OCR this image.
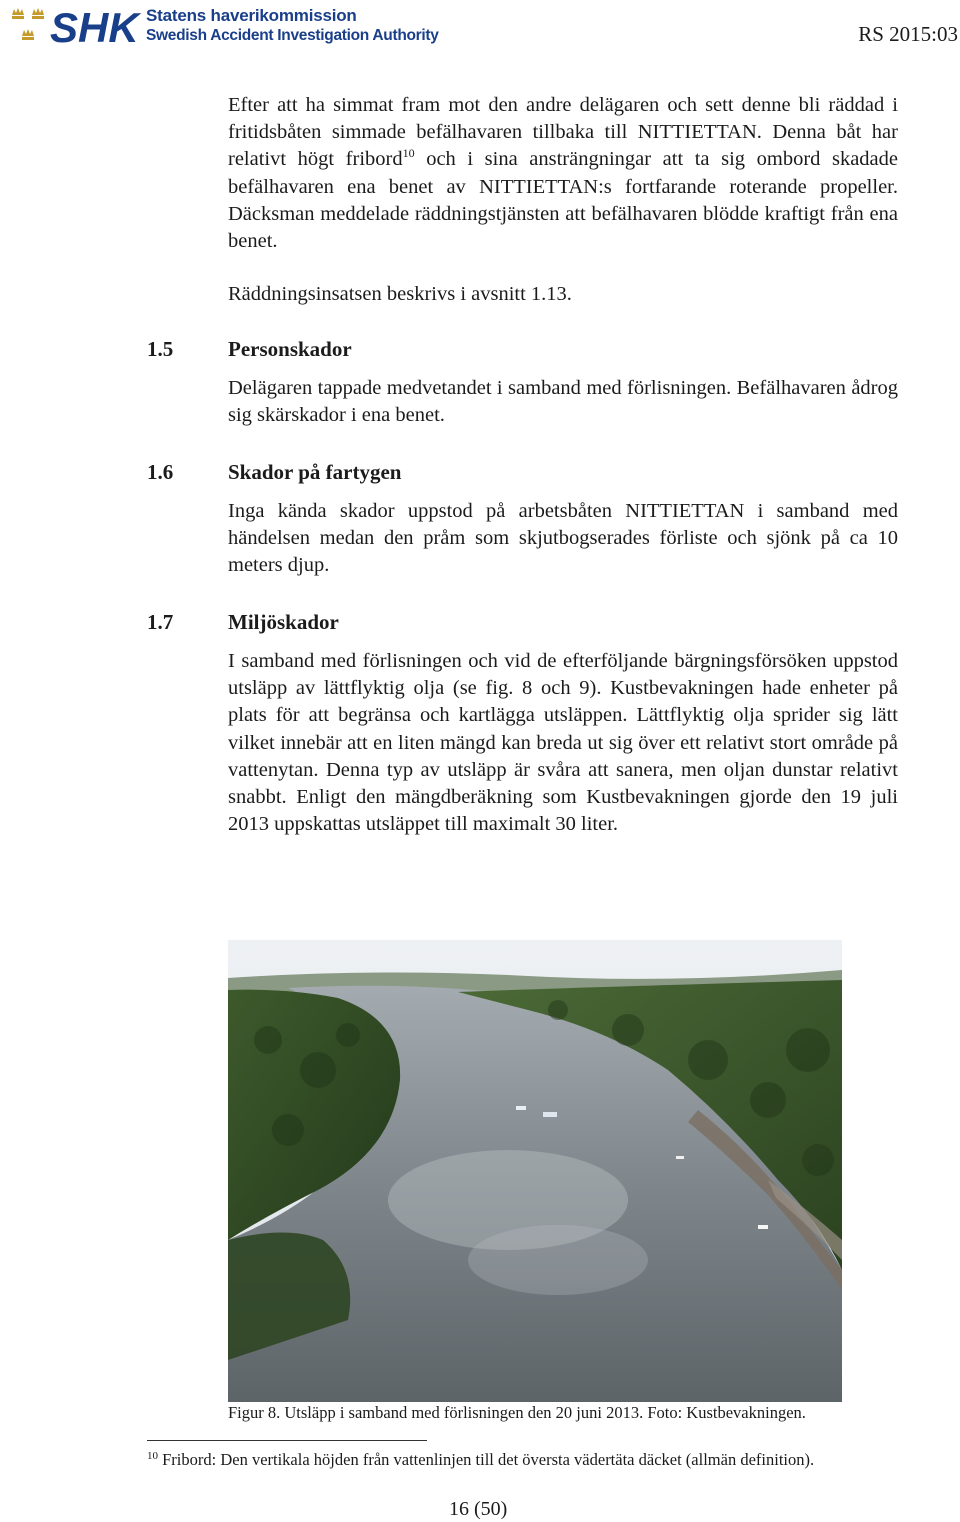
SHK Statens haverikommission
Swedish Accident Investigation Authority	RS 2015:03

Efter att ha simmat fram mot den andre delägaren och sett denne bli räddad i fritidsbåten simmade befälhavaren tillbaka till NITTIETTAN. Denna båt har relativt högt fribord$^{10}$ och i sina ansträngningar att ta sig ombord skadade befälhavaren ena benet av NITTIETTAN:s fortfarande roterande propeller. Däcksman meddelade räddningstjänsten att befälhavaren blödde kraftigt från ena benet.

Räddningsinsatsen beskrivs i avsnitt 1.13.

1.5	Personskador

Delägaren tappade medvetandet i samband med förlisningen. Befälhavaren ådrog sig skärskador i ena benet.

1.6	Skador på fartygen

Inga kända skador uppstod på arbetsbåten NITTIETTAN i samband med händelsen medan den pråm som skjutbogserades förliste och sjönk på ca 10 meters djup.

1.7	Miljöskador

I samband med förlisningen och vid de efterföljande bärgningsförsöken uppstod utsläpp av lättflyktig olja (se fig. 8 och 9). Kustbevakningen hade enheter på plats för att begränsa och kartlägga utsläppen. Lättflyktig olja sprider sig lätt vilket innebär att en liten mängd kan breda ut sig över ett relativt stort område på vattenytan. Denna typ av utsläpp är svåra att sanera, men oljan dunstar relativt snabbt. Enligt den mängdberäkning som Kustbevakningen gjorde den 19 juli 2013 uppskattas utsläppet till maximalt 30 liter.

Figur 8. Utsläpp i samband med förlisningen den 20 juni 2013. Foto: Kustbevakningen.
$^{10}$ Fribord: Den vertikala höjden från vattenlinjen till det översta vädertäta däcket (allmän definition).
16 (50)
